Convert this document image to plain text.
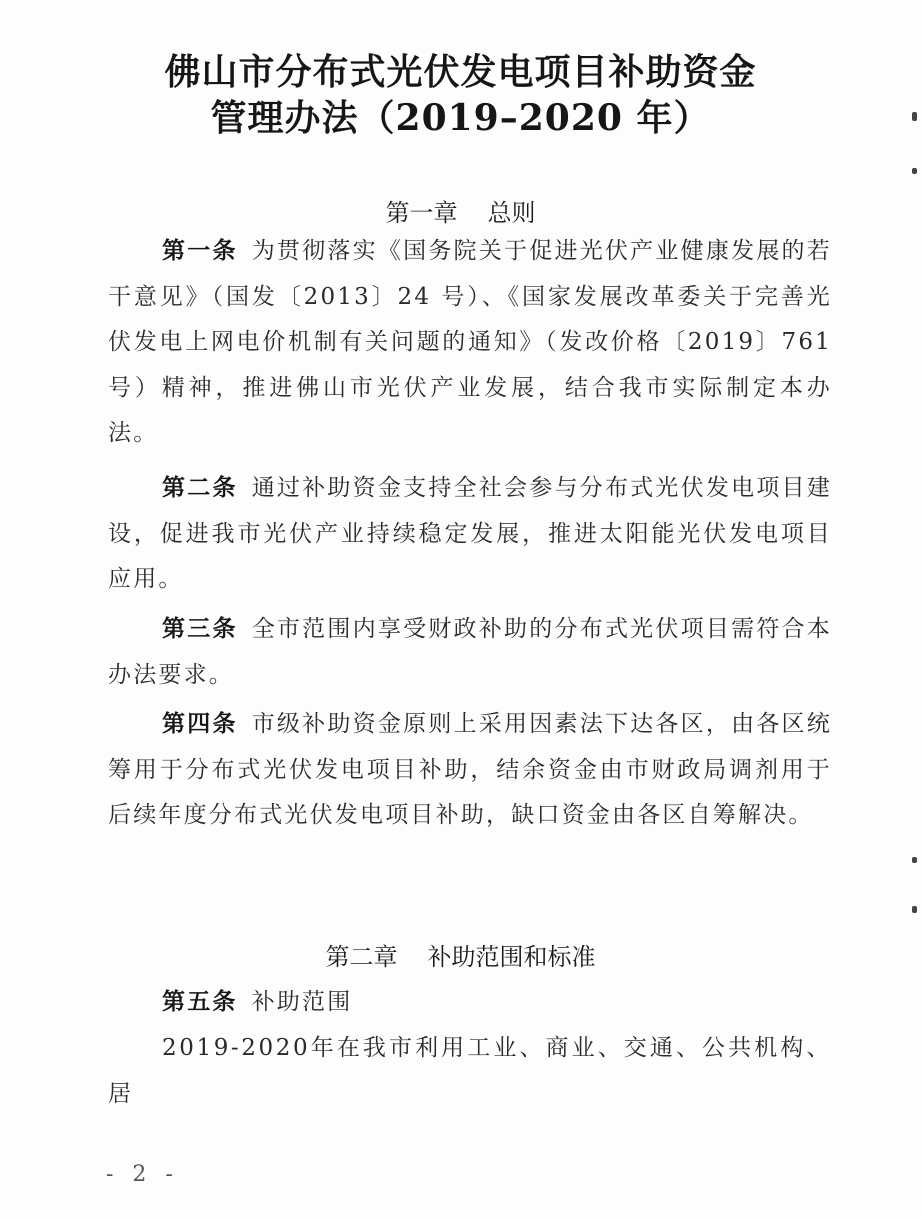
佛山市分布式光伏发电项目补助资金
管理办法（2019–2020 年）
第一章 总则

第一条 为贯彻落实《国务院关于促进光伏产业健康发展的若干意见》（国发〔2013〕24 号）、《国家发展改革委关于完善光伏发电上网电价机制有关问题的通知》（发改价格〔2019〕761 号）精神，推进佛山市光伏产业发展，结合我市实际制定本办法。

第二条 通过补助资金支持全社会参与分布式光伏发电项目建设，促进我市光伏产业持续稳定发展，推进太阳能光伏发电项目应用。

第三条 全市范围内享受财政补助的分布式光伏项目需符合本办法要求。

第四条 市级补助资金原则上采用因素法下达各区，由各区统筹用于分布式光伏发电项目补助，结余资金由市财政局调剂用于后续年度分布式光伏发电项目补助，缺口资金由各区自筹解决。

第二章 补助范围和标准

第五条 补助范围

2019-2020年在我市利用工业、商业、交通、公共机构、居

- 2 -
